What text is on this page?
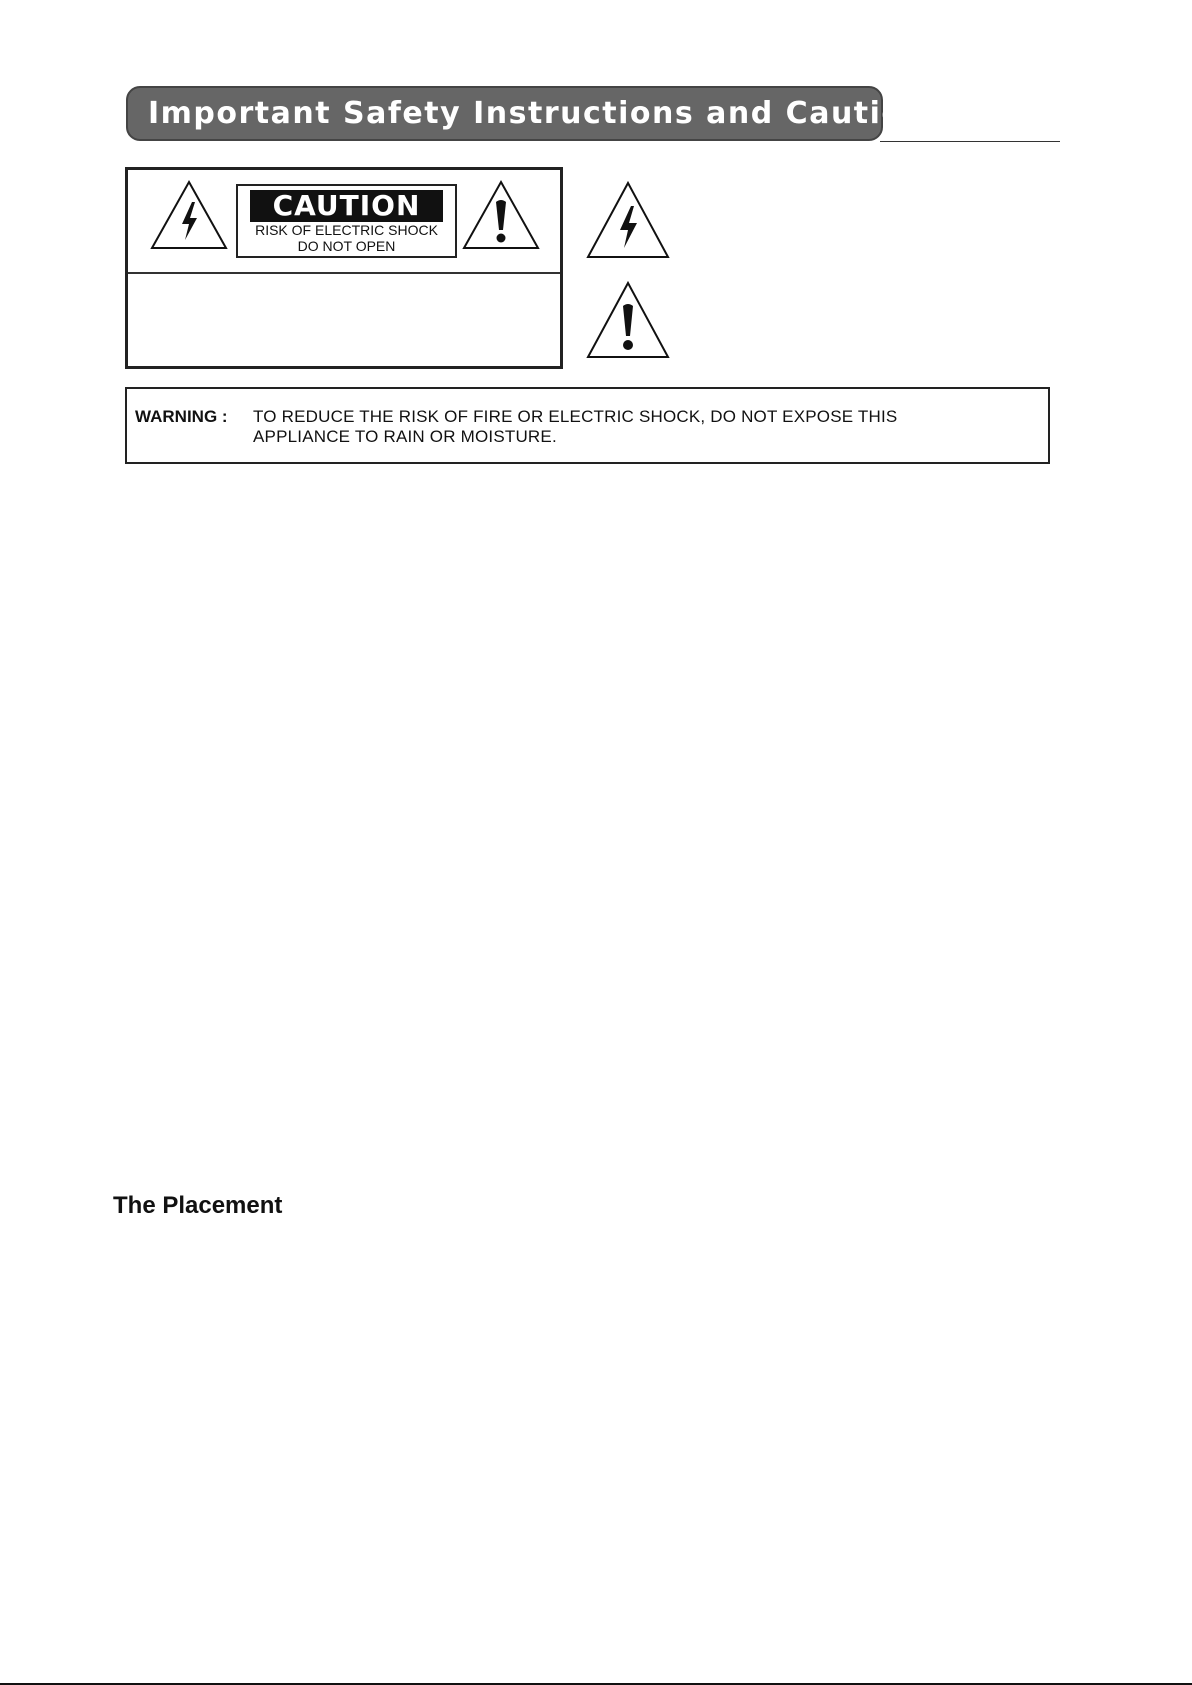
Important Safety Instructions and Caution
CAUTION
RISK OF ELECTRIC SHOCK
DO NOT OPEN
WARNING : TO REDUCE THE RISK OF FIRE OR ELECTRIC SHOCK, DO NOT EXPOSE THIS
APPLIANCE TO RAIN OR MOISTURE.
The Placement
